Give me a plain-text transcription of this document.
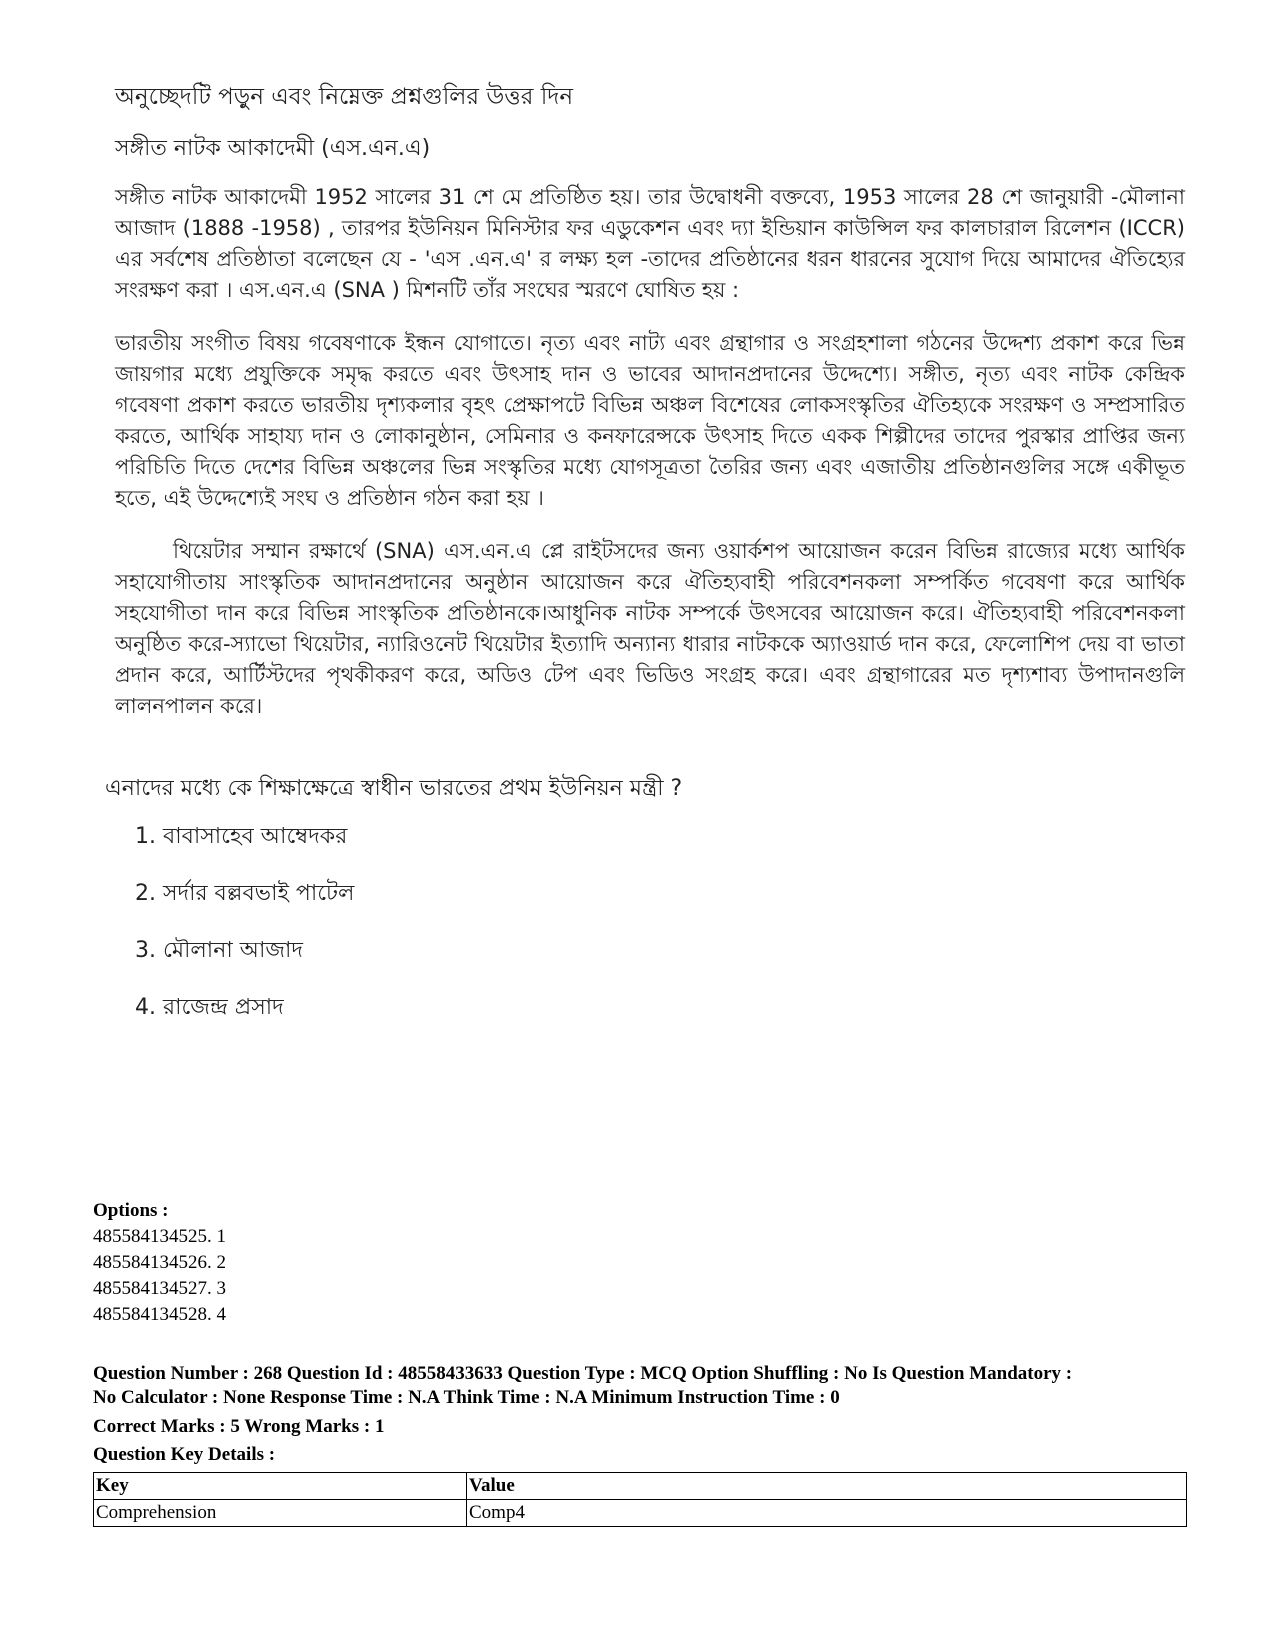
অনুচ্ছেদটি পড়ুন এবং নিম্নেক্ত প্রশ্নগুলির উত্তর দিন
সঙ্গীত নাটক আকাদেমী (এস.এন.এ)

সঙ্গীত নাটক আকাদেমী 1952 সালের 31 শে মে প্রতিষ্ঠিত হয়। তার উদ্বোধনী বক্তব্যে, 1953 সালের 28 শে জানুয়ারী -মৌলানা আজাদ (1888 -1958) , তারপর ইউনিয়ন মিনিস্টার ফর এডুকেশন এবং দ্যা ইন্ডিয়ান কাউন্সিল ফর কালচারাল রিলেশন (ICCR) এর সর্বশেষ প্রতিষ্ঠাতা বলেছেন যে - 'এস .এন.এ' র লক্ষ্য হল -তাদের প্রতিষ্ঠানের ধরন ধারনের সুযোগ দিয়ে আমাদের ঐতিহ্যের সংরক্ষণ করা । এস.এন.এ (SNA ) মিশনটি তাঁর সংঘের স্মরণে ঘোষিত হয় :

ভারতীয় সংগীত বিষয় গবেষণাকে ইন্ধন যোগাতে। নৃত্য এবং নাট্য এবং গ্রন্থাগার ও সংগ্রহশালা গঠনের উদ্দেশ্য প্রকাশ করে ভিন্ন জায়গার মধ্যে প্রযুক্তিকে সমৃদ্ধ করতে এবং উৎসাহ দান ও ভাবের আদানপ্রদানের উদ্দেশ্যে। সঙ্গীত, নৃত্য এবং নাটক কেন্দ্রিক গবেষণা প্রকাশ করতে ভারতীয় দৃশ্যকলার বৃহৎ প্রেক্ষাপটে বিভিন্ন অঞ্চল বিশেষের লোকসংস্কৃতির ঐতিহ্যকে সংরক্ষণ ও সম্প্রসারিত করতে, আর্থিক সাহায্য দান ও লোকানুষ্ঠান, সেমিনার ও কনফারেন্সকে উৎসাহ দিতে একক শিল্পীদের তাদের পুরস্কার প্রাপ্তির জন্য পরিচিতি দিতে দেশের বিভিন্ন অঞ্চলের ভিন্ন সংস্কৃতির মধ্যে যোগসূত্রতা তৈরির জন্য এবং এজাতীয় প্রতিষ্ঠানগুলির সঙ্গে একীভূত হতে, এই উদ্দেশ্যেই সংঘ ও প্রতিষ্ঠান গঠন করা হয় ।

থিয়েটার সম্মান রক্ষার্থে (SNA) এস.এন.এ প্লে রাইটসদের জন্য ওয়ার্কশপ আয়োজন করেন বিভিন্ন রাজ্যের মধ্যে আর্থিক সহাযোগীতায় সাংস্কৃতিক আদানপ্রদানের অনুষ্ঠান আয়োজন করে ঐতিহ্যবাহী পরিবেশনকলা সম্পর্কিত গবেষণা করে আর্থিক সহযোগীতা দান করে বিভিন্ন সাংস্কৃতিক প্রতিষ্ঠানকে।আধুনিক নাটক সম্পর্কে উৎসবের আয়োজন করে। ঐতিহ্যবাহী পরিবেশনকলা অনুষ্ঠিত করে-স্যাভো থিয়েটার, ন্যারিওনেট থিয়েটার ইত্যাদি অন্যান্য ধারার নাটককে অ্যাওয়ার্ড দান করে, ফেলোশিপ দেয় বা ভাতা প্রদান করে, আর্টিস্টদের পৃথকীকরণ করে, অডিও টেপ এবং ভিডিও সংগ্রহ করে। এবং গ্রন্থাগারের মত দৃশ্যশাব্য উপাদানগুলি লালনপালন করে।

এনাদের মধ্যে কে শিক্ষাক্ষেত্রে স্বাধীন ভারতের প্রথম ইউনিয়ন মন্ত্রী ?
1. বাবাসাহেব আম্বেদকর
2. সর্দার বল্লবভাই পাটেল
3. মৌলানা আজাদ
4. রাজেন্দ্র প্রসাদ
Options :
485584134525. 1
485584134526. 2
485584134527. 3
485584134528. 4
Question Number : 268 Question Id : 48558433633 Question Type : MCQ Option Shuffling : No Is Question Mandatory :
No Calculator : None Response Time : N.A Think Time : N.A Minimum Instruction Time : 0
Correct Marks : 5 Wrong Marks : 1
Question Key Details :
Key	Value
Comprehension	Comp4
